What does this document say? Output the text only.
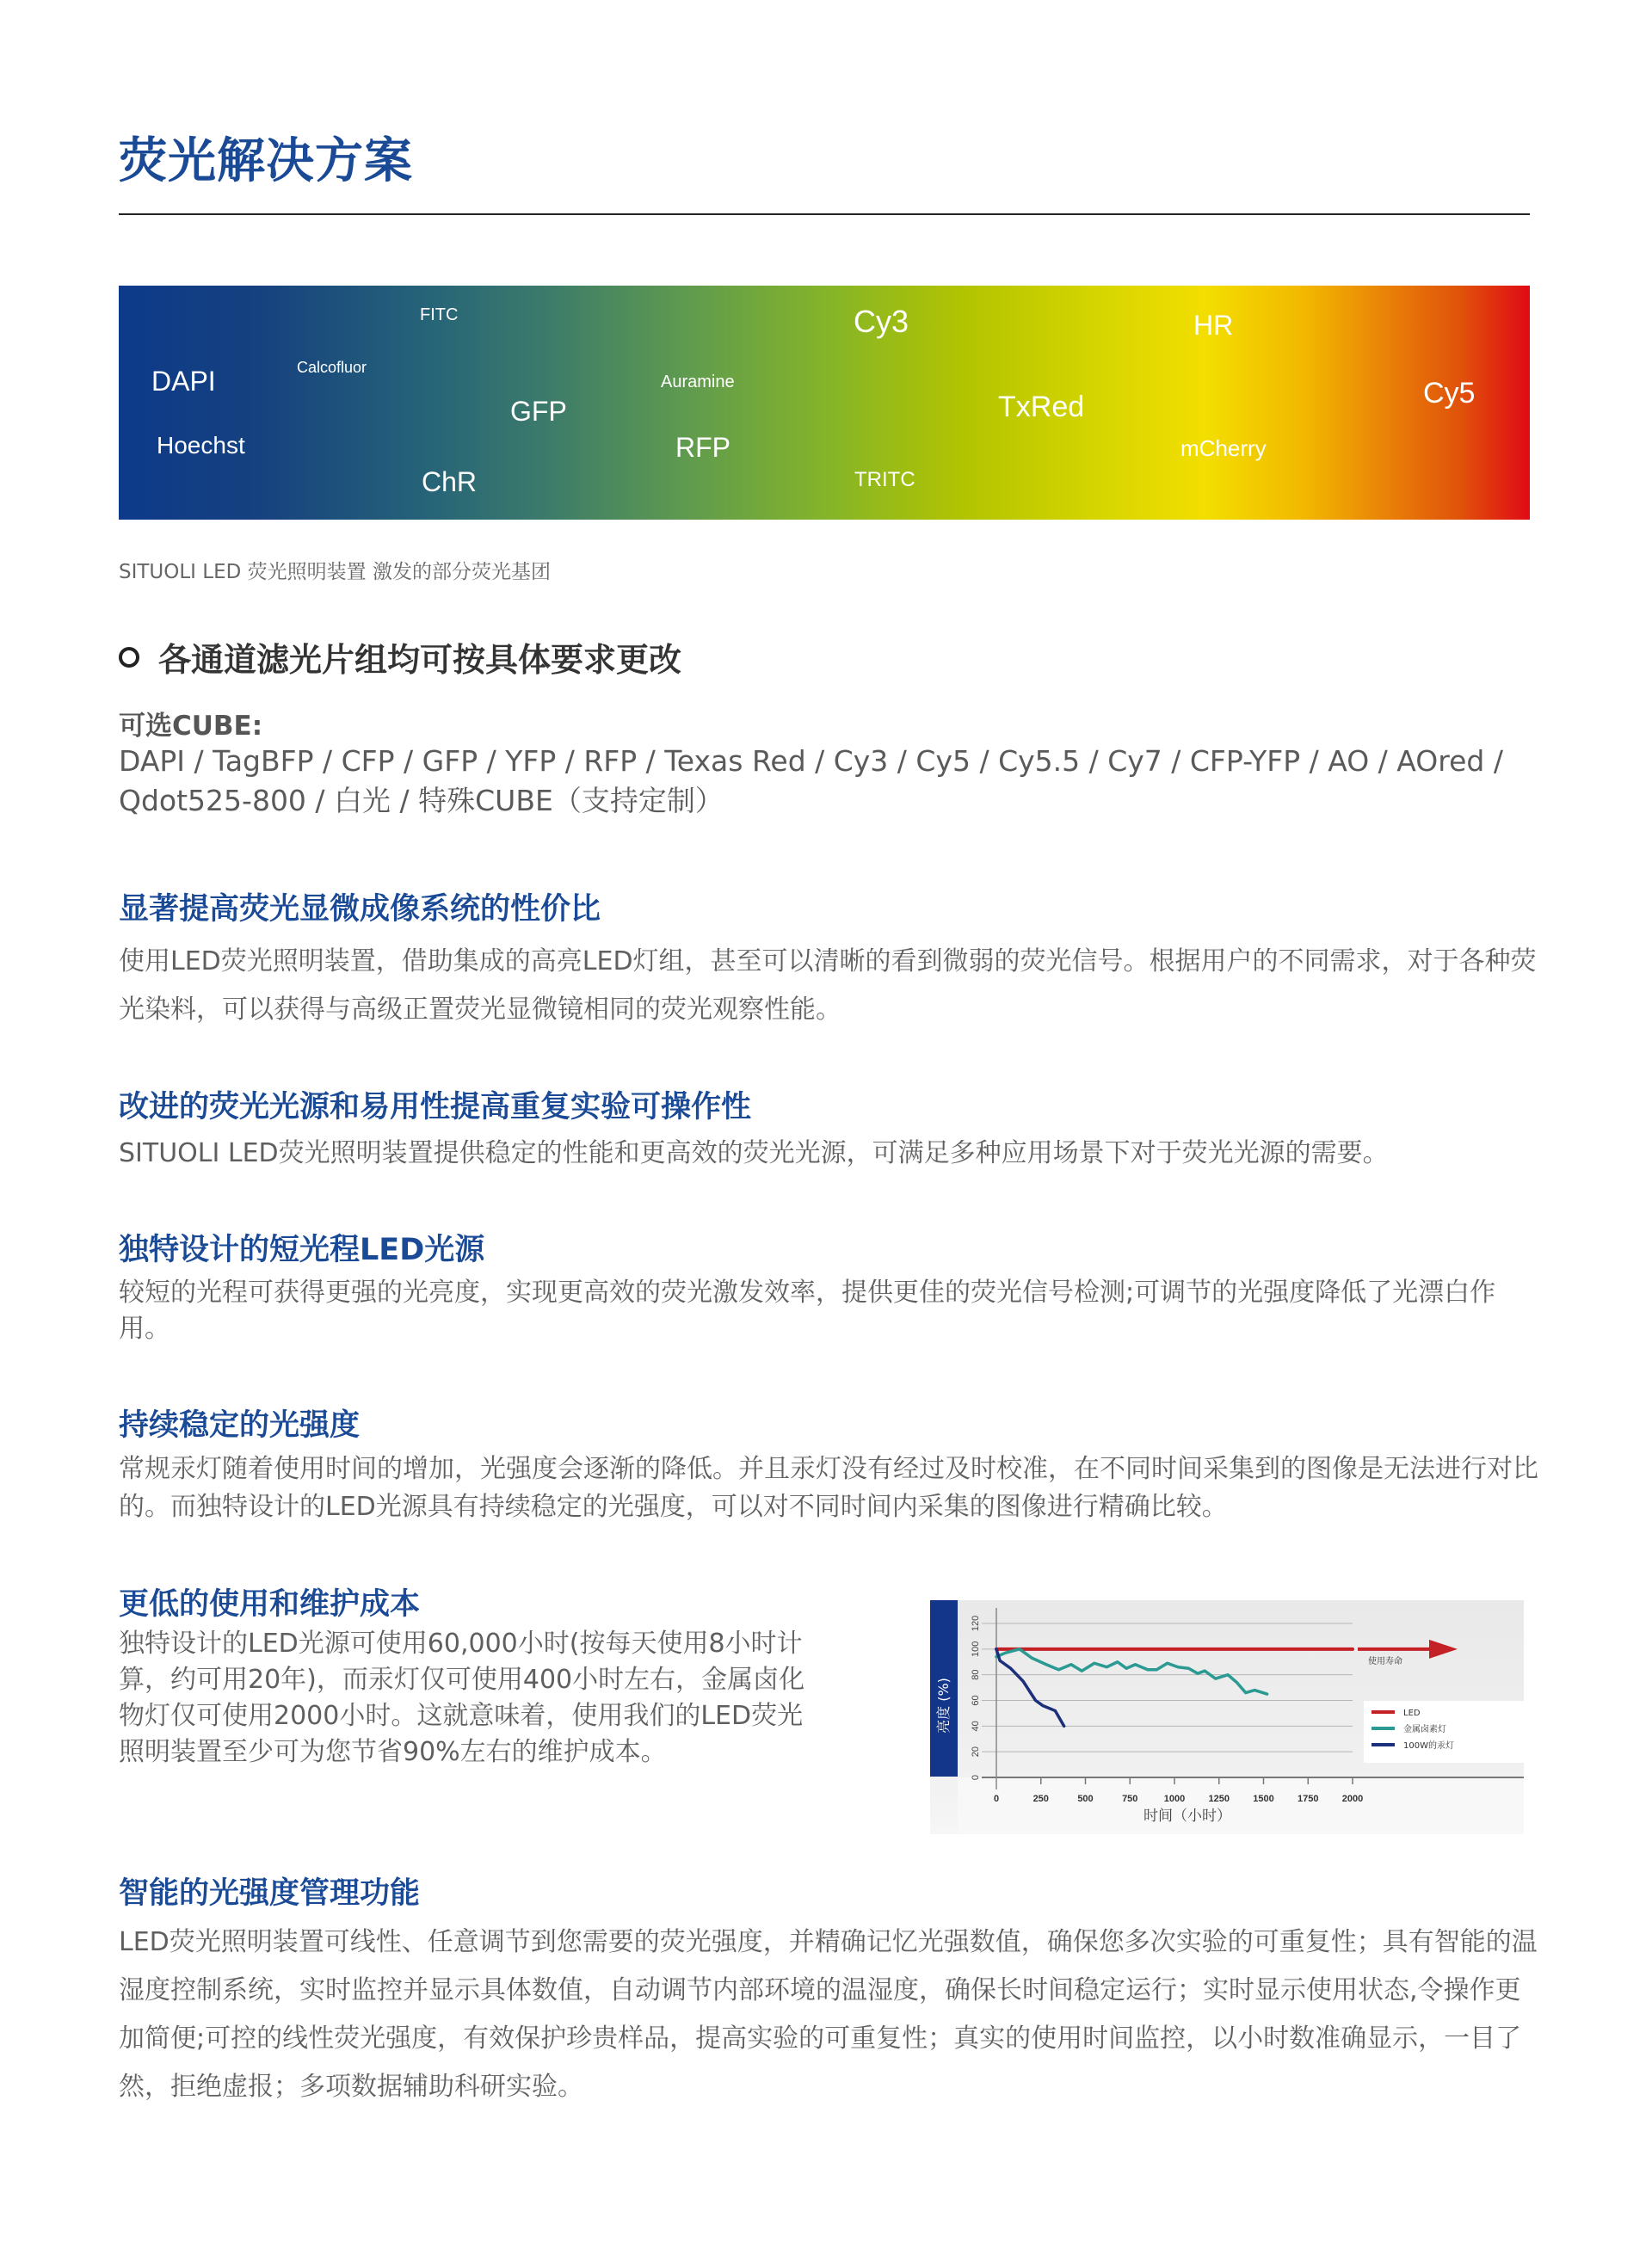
荧光解决方案
DAPI
Hoechst
Calcofluor
FITC
ChR
GFP
Auramine
RFP
Cy3
TRITC
TxRed
HR
mCherry
Cy5
SITUOLI LED 荧光照明装置 激发的部分荧光基团
各通道滤光片组均可按具体要求更改
可选CUBE:
DAPI / TagBFP / CFP / GFP / YFP / RFP / Texas Red / Cy3 / Cy5 / Cy5.5 / Cy7 / CFP-YFP / AO / AOred / Qdot525-800 / 白光 / 特殊CUBE（支持定制）
显著提高荧光显微成像系统的性价比
使用LED荧光照明装置，借助集成的高亮LED灯组，甚至可以清晰的看到微弱的荧光信号。根据用户的不同需求，对于各种荧光染料，可以获得与高级正置荧光显微镜相同的荧光观察性能。
改进的荧光光源和易用性提高重复实验可操作性
SITUOLI LED荧光照明装置提供稳定的性能和更高效的荧光光源，可满足多种应用场景下对于荧光光源的需要。
独特设计的短光程LED光源
较短的光程可获得更强的光亮度，实现更高效的荧光激发效率，提供更佳的荧光信号检测;可调节的光强度降低了光漂白作用。
持续稳定的光强度
常规汞灯随着使用时间的增加，光强度会逐渐的降低。并且汞灯没有经过及时校准，在不同时间采集到的图像是无法进行对比的。而独特设计的LED光源具有持续稳定的光强度，可以对不同时间内采集的图像进行精确比较。
更低的使用和维护成本
独特设计的LED光源可使用60,000小时(按每天使用8小时计算，约可用20年)，而汞灯仅可使用400小时左右，金属卤化物灯仅可使用2000小时。这就意味着，使用我们的LED荧光照明装置至少可为您节省90%左右的维护成本。
0
20
40
60
80
100
120
0	250	500	750	1000 1250 1500 1750 2000
时间（小时）
亮度 (%)
使用寿命
LED
金属卤素灯
100W的汞灯
智能的光强度管理功能
LED荧光照明装置可线性、任意调节到您需要的荧光强度，并精确记忆光强数值，确保您多次实验的可重复性；具有智能的温湿度控制系统，实时监控并显示具体数值，自动调节内部环境的温湿度，确保长时间稳定运行；实时显示使用状态,令操作更加简便;可控的线性荧光强度，有效保护珍贵样品，提高实验的可重复性；真实的使用时间监控，以小时数准确显示，一目了然，拒绝虚报；多项数据辅助科研实验。
